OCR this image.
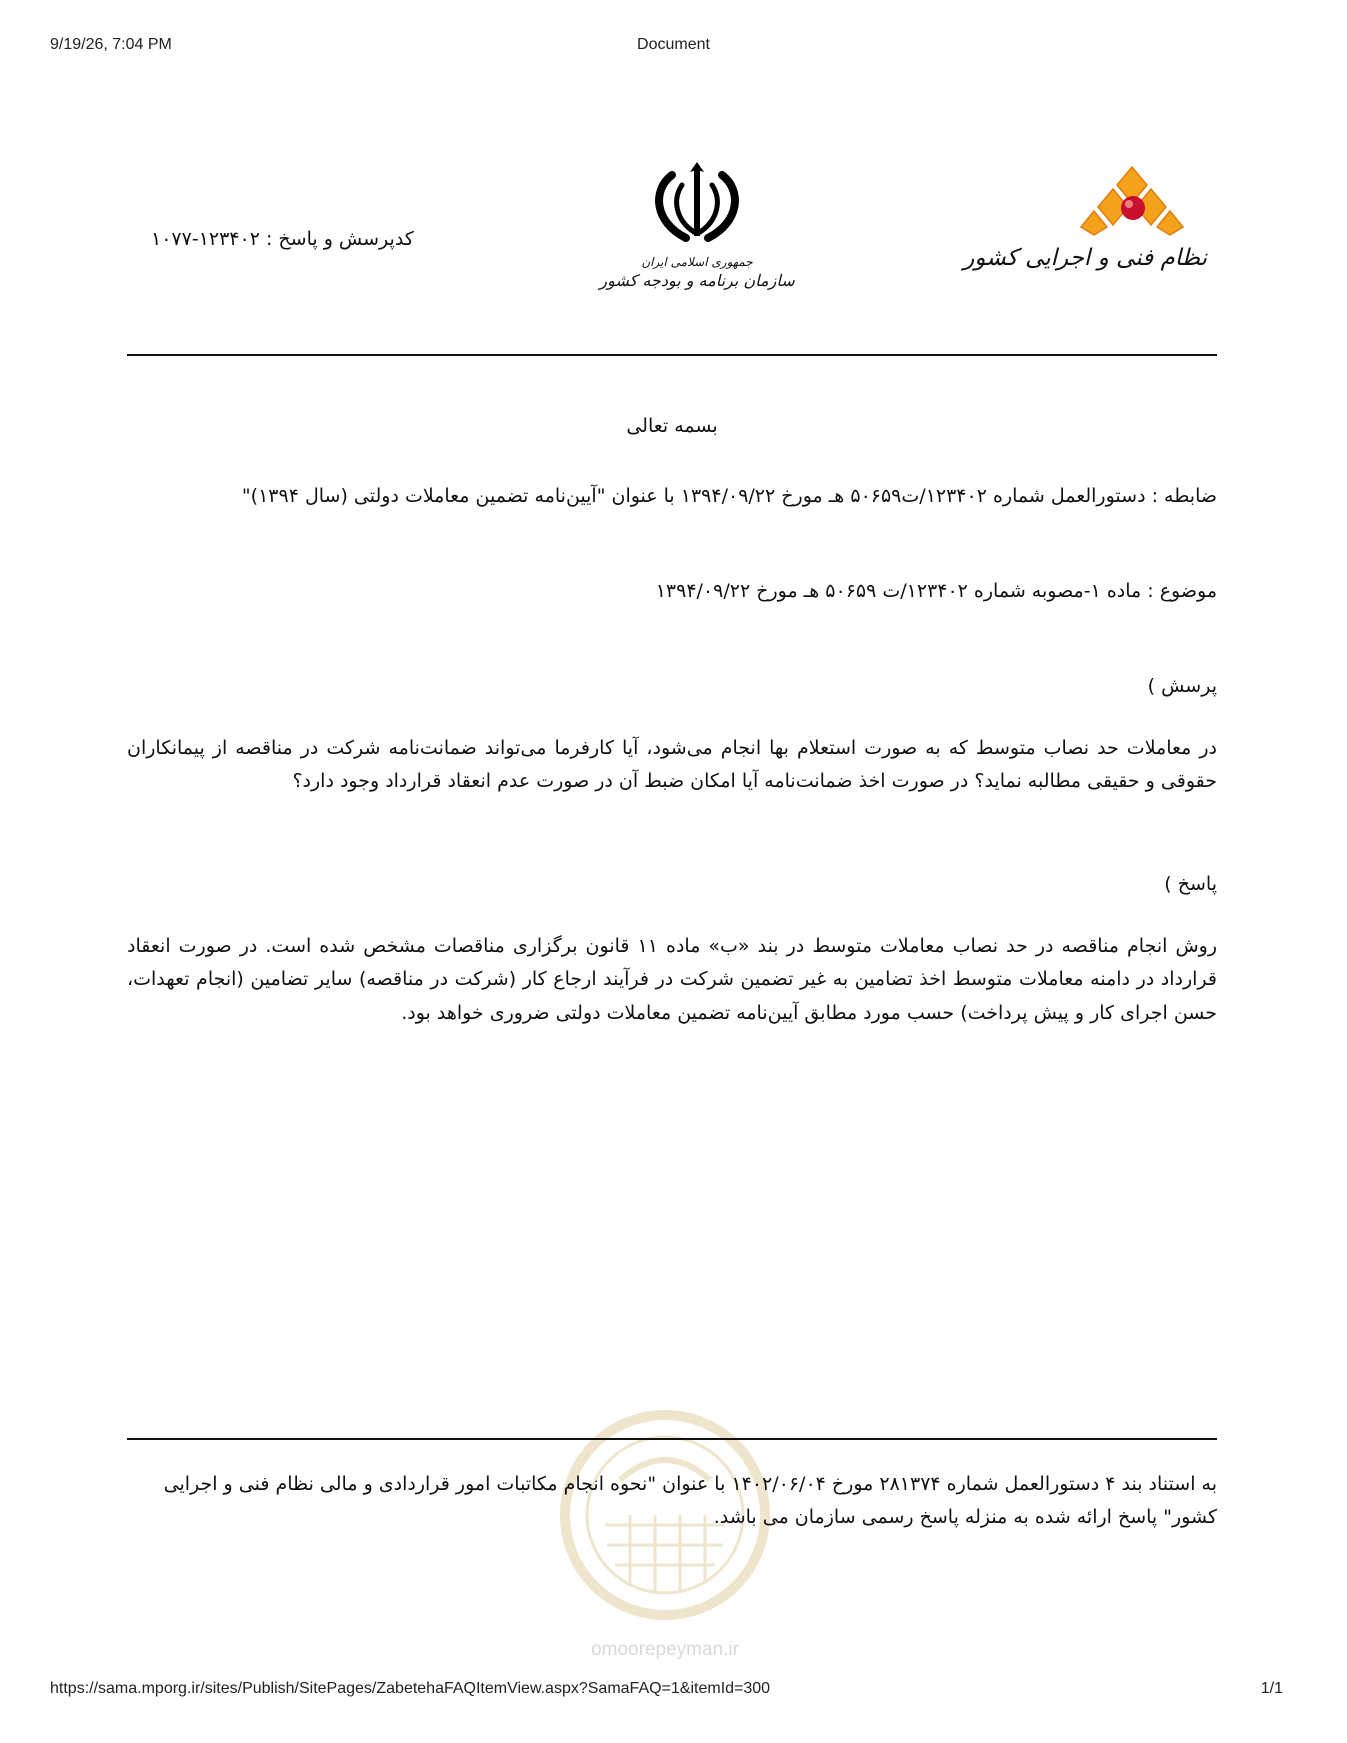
9/19/26, 7:04 PM	Document
کدپرسش و پاسخ : ۱۲۳۴۰۲-۱۰۷۷
جمهوری اسلامی ایران
سازمان برنامه و بودجه کشور
نظام فنی و اجرایی کشور
بسمه تعالی
ضابطه : دستورالعمل شماره ۱۲۳۴۰۲/ت۵۰۶۵۹ هـ مورخ ۱۳۹۴/۰۹/۲۲ با عنوان "آیین‌نامه تضمین معاملات دولتی (سال ۱۳۹۴)"
موضوع : ماده ۱-مصوبه شماره ۱۲۳۴۰۲/ت ۵۰۶۵۹ هـ مورخ ۱۳۹۴/۰۹/۲۲
پرسش )
در معاملات حد نصاب متوسط که به صورت استعلام بها انجام می‌شود، آیا کارفرما می‌تواند ضمانت‌نامه شرکت در مناقصه از پیمانکاران حقوقی و حقیقی مطالبه نماید؟ در صورت اخذ ضمانت‌نامه آیا امکان ضبط آن در صورت عدم انعقاد قرارداد وجود دارد؟
پاسخ )
روش انجام مناقصه در حد نصاب معاملات متوسط در بند «ب» ماده ۱۱ قانون برگزاری مناقصات مشخص شده است. در صورت انعقاد قرارداد در دامنه معاملات متوسط اخذ تضامین به غیر تضمین شرکت در فرآیند ارجاع کار (شرکت در مناقصه) سایر تضامین (انجام تعهدات، حسن اجرای کار و پیش پرداخت) حسب مورد مطابق آیین‌نامه تضمین معاملات دولتی ضروری خواهد بود.
omoorepeyman.ir
به استناد بند ۴ دستورالعمل شماره ۲۸۱۳۷۴ مورخ ۱۴۰۲/۰۶/۰۴ با عنوان "نحوه انجام مکاتبات امور قراردادی و مالی نظام فنی و اجرایی کشور" پاسخ ارائه شده به منزله پاسخ رسمی سازمان می باشد.
https://sama.mporg.ir/sites/Publish/SitePages/ZabetehaFAQItemView.aspx?SamaFAQ=1&itemId=300	1/1
